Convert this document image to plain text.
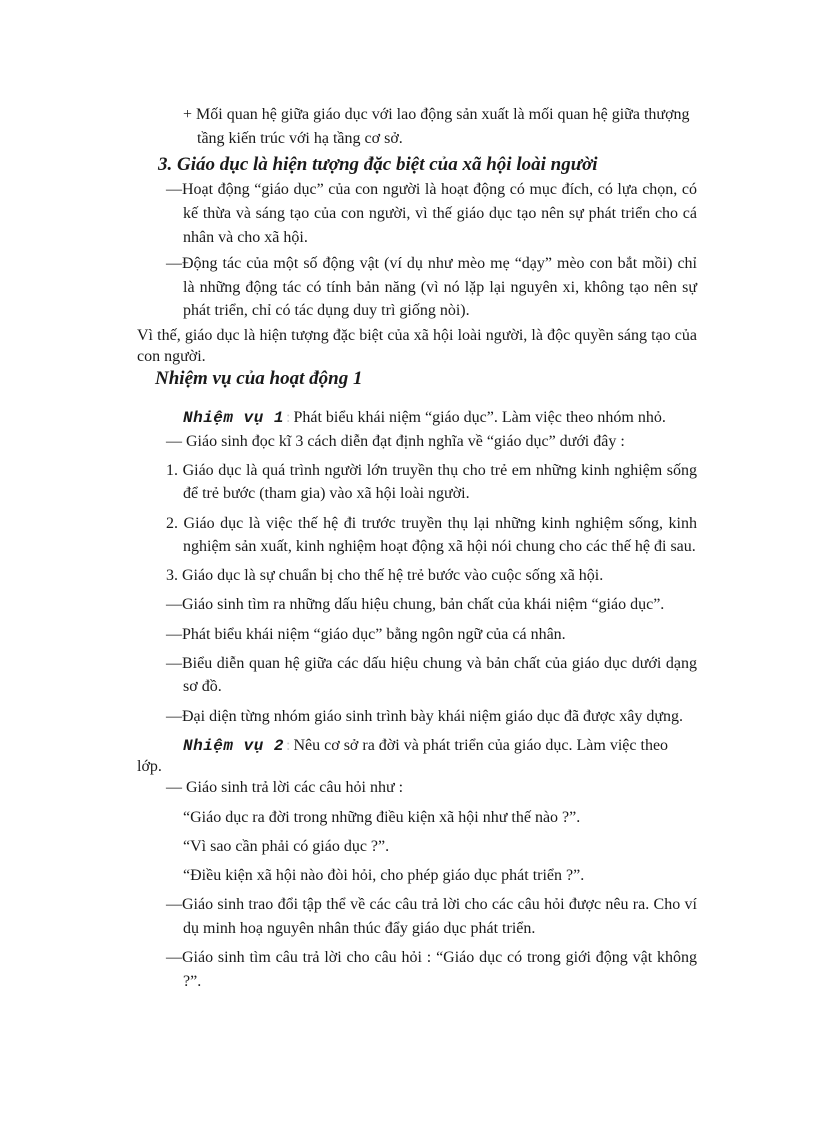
+ Mối quan hệ giữa giáo dục với lao động sản xuất là mối quan hệ giữa thượng
tầng kiến trúc với hạ tầng cơ sở.
3. Giáo dục là hiện tượng đặc biệt của xã hội loài người
—Hoạt động “giáo dục” của con người là hoạt động có mục đích, có lựa chọn, có
kế thừa và sáng tạo của con người, vì thế giáo dục tạo nên sự phát triển cho cá
nhân và cho xã hội.
—Động tác của một số động vật (ví dụ như mèo mẹ “dạy” mèo con bắt mồi) chỉ
là những động tác có tính bản năng (vì nó lặp lại nguyên xi, không tạo nên sự
phát triển, chỉ có tác dụng duy trì giống nòi).
Vì thế, giáo dục là hiện tượng đặc biệt của xã hội loài người, là độc quyền sáng tạo của
con người.
Nhiệm vụ của hoạt động 1
Nhiệm vụ 1 : Phát biểu khái niệm “giáo dục”. Làm việc theo nhóm nhỏ.
— Giáo sinh đọc kĩ 3 cách diễn đạt định nghĩa về “giáo dục” dưới đây :
1. Giáo dục là quá trình người lớn truyền thụ cho trẻ em những kinh nghiệm sống
để trẻ bước (tham gia) vào xã hội loài người.
2. Giáo dục là việc thế hệ đi trước truyền thụ lại những kinh nghiệm sống, kinh
nghiệm sản xuất, kinh nghiệm hoạt động xã hội nói chung cho các thế hệ đi sau.
3. Giáo dục là sự chuẩn bị cho thế hệ trẻ bước vào cuộc sống xã hội.
—Giáo sinh tìm ra những dấu hiệu chung, bản chất của khái niệm “giáo dục”.
—Phát biểu khái niệm “giáo dục” bằng ngôn ngữ của cá nhân.
—Biểu diễn quan hệ giữa các dấu hiệu chung và bản chất của giáo dục dưới dạng
sơ đồ.
—Đại diện từng nhóm giáo sinh trình bày khái niệm giáo dục đã được xây dựng.
Nhiệm vụ 2 : Nêu cơ sở ra đời và phát triển của giáo dục. Làm việc theo
lớp.
— Giáo sinh trả lời các câu hỏi như :
“Giáo dục ra đời trong những điều kiện xã hội như thế nào ?”.
“Vì sao cần phải có giáo dục ?”.
“Điều kiện xã hội nào đòi hỏi, cho phép giáo dục phát triển ?”.
—Giáo sinh trao đổi tập thể về các câu trả lời cho các câu hỏi được nêu ra. Cho ví
dụ minh hoạ nguyên nhân thúc đẩy giáo dục phát triển.
—Giáo sinh tìm câu trả lời cho câu hỏi : “Giáo dục có trong giới động vật không
?”.
